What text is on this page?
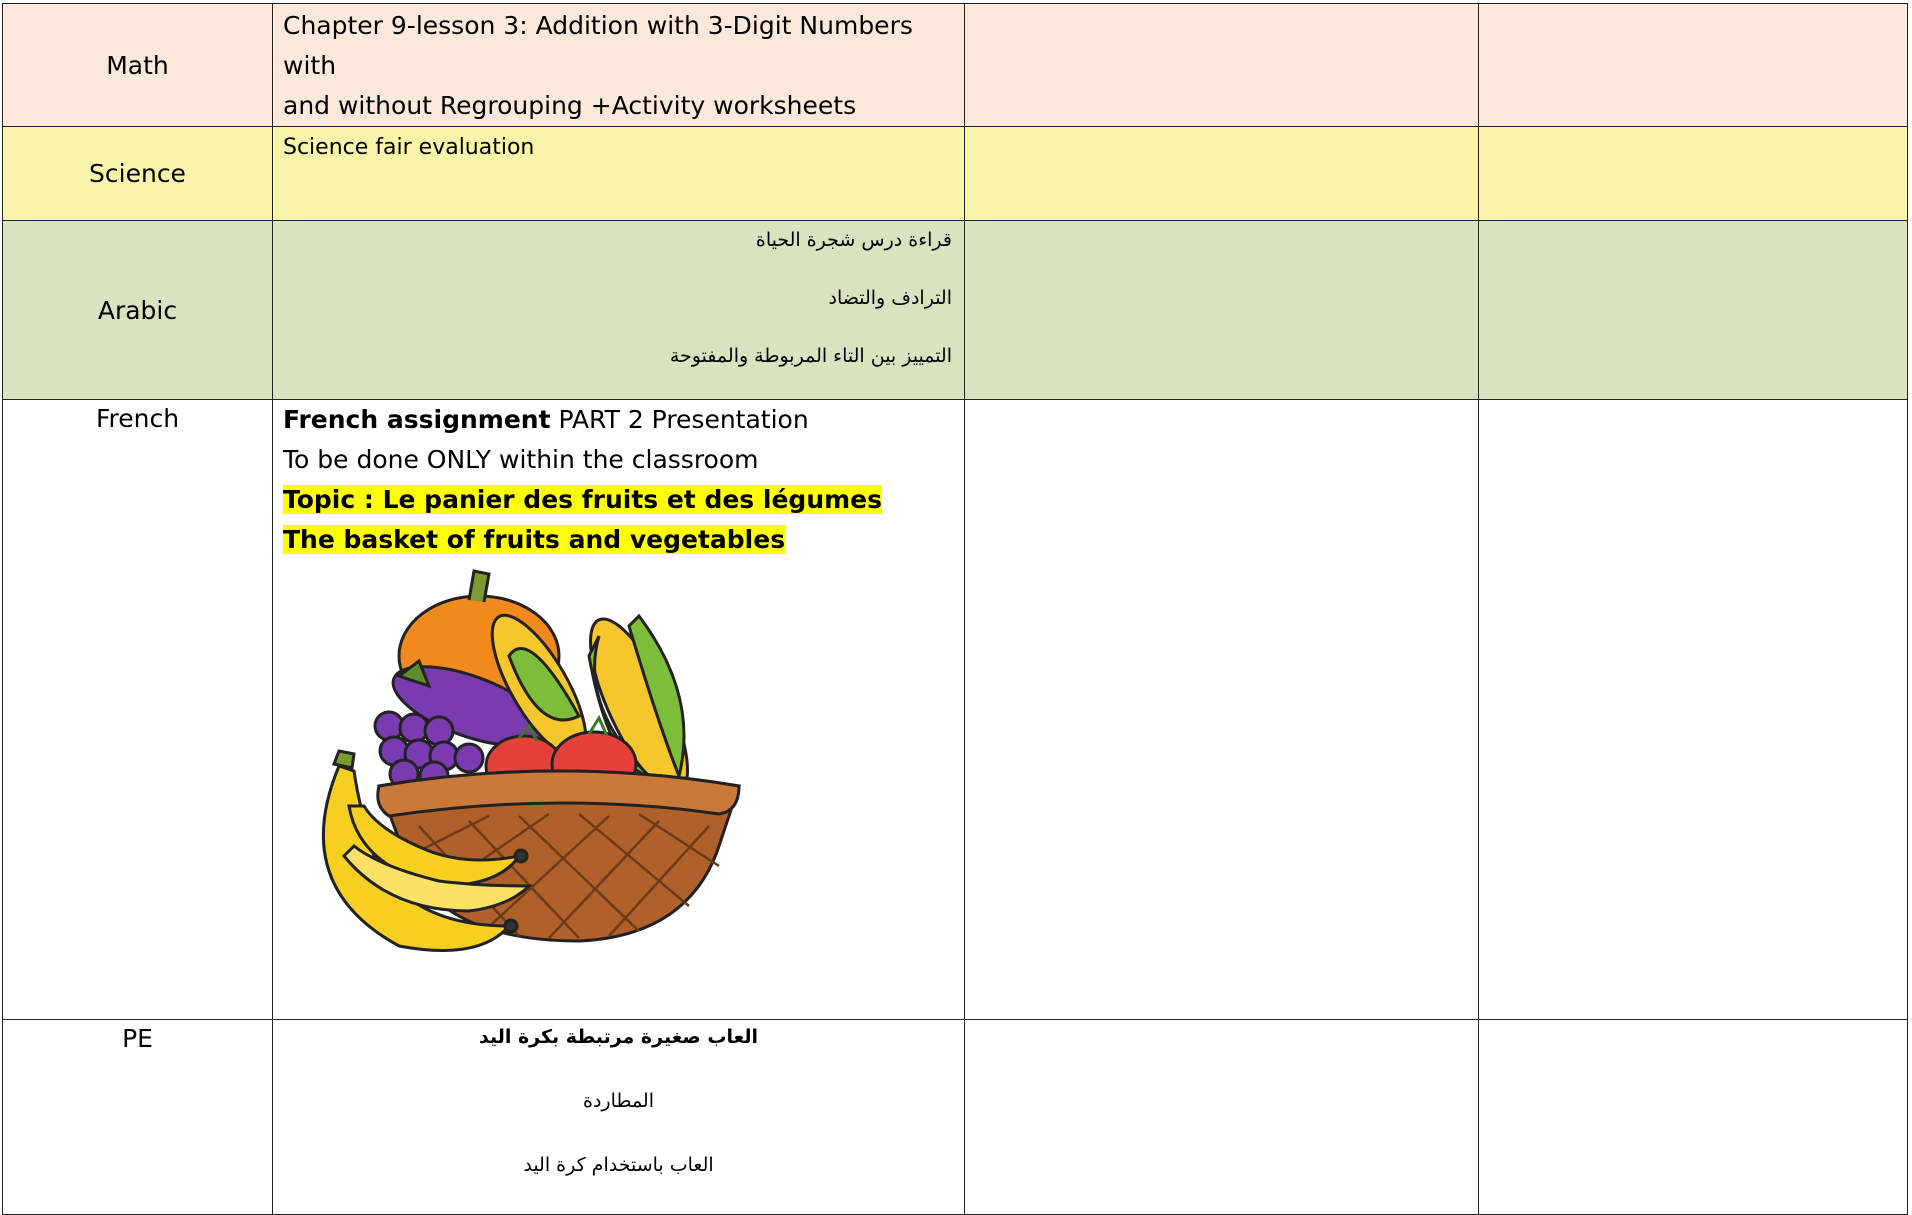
Math	Chapter 9-lesson 3: Addition with 3-Digit Numbers with

and without Regrouping +Activity worksheets		

Science	Science fair evaluation		

Arabic	قراءة درس شجرة الحياة
الترادف والتضاد
التمييز بين التاء المربوطة والمفتوحة		

French	French assignment PART 2 Presentation

To be done ONLY within the classroom

Topic : Le panier des fruits et des légumes

The basket of fruits and vegetables		

PE	العاب صغيرة مرتبطة بكرة اليد
المطاردة
العاب باستخدام كرة اليد		
